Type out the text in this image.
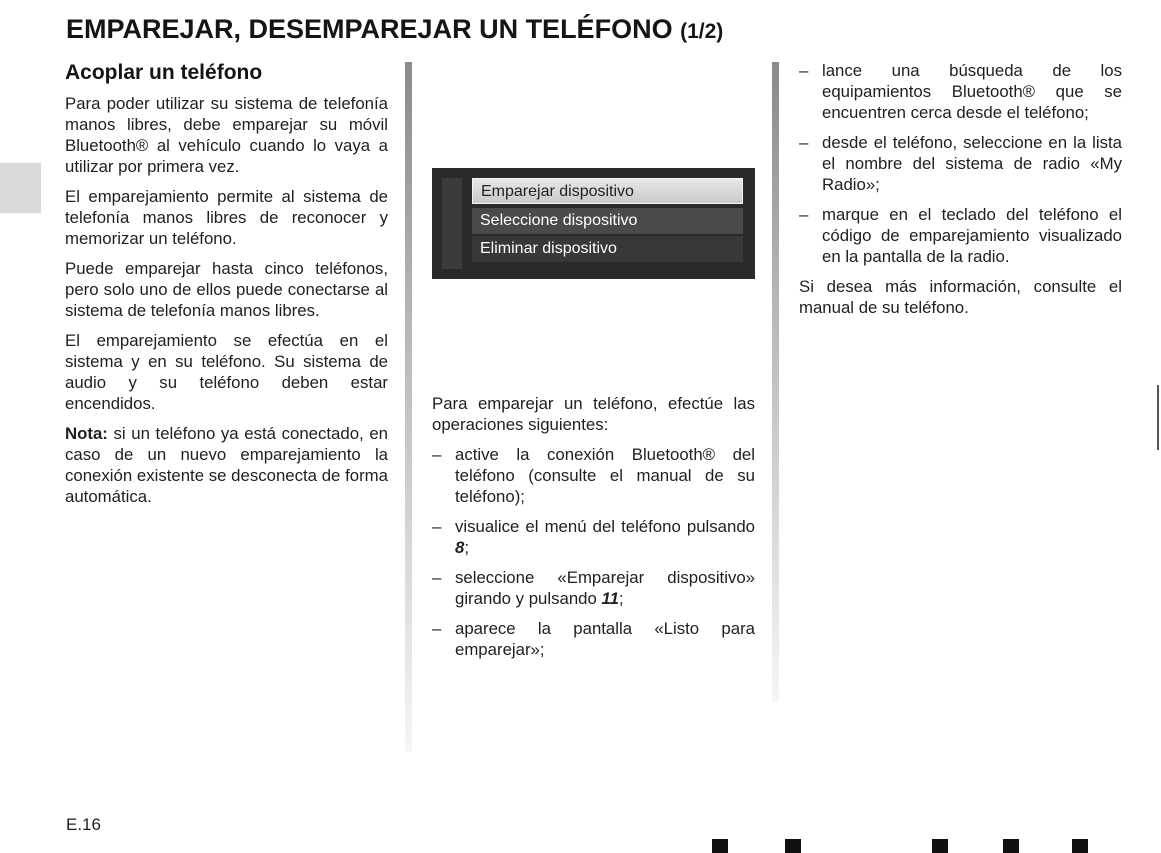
EMPAREJAR, DESEMPAREJAR UN TELÉFONO (1/2)
Acoplar un teléfono

Para poder utilizar su sistema de telefonía manos libres, debe emparejar su móvil Bluetooth® al vehículo cuando lo vaya a utilizar por primera vez.

El emparejamiento permite al sistema de telefonía manos libres de reconocer y memorizar un teléfono.

Puede emparejar hasta cinco teléfonos, pero solo uno de ellos puede conectarse al sistema de telefonía manos libres.

El emparejamiento se efectúa en el sistema y en su teléfono. Su sistema de audio y su teléfono deben estar encendidos.

Nota: si un teléfono ya está conectado, en caso de un nuevo emparejamiento la conexión existente se desconecta de forma automática.

Emparejar dispositivo
Seleccione dispositivo
Eliminar dispositivo

Para emparejar un teléfono, efectúe las operaciones siguientes:

– active la conexión Bluetooth® del teléfono (consulte el manual de su teléfono);
– visualice el menú del teléfono pulsando 8;
– seleccione «Emparejar dispositivo» girando y pulsando 11;
– aparece la pantalla «Listo para emparejar»;
– lance una búsqueda de los equipamientos Bluetooth® que se encuentren cerca desde el teléfono;
– desde el teléfono, seleccione en la lista el nombre del sistema de radio «My Radio»;
– marque en el teclado del teléfono el código de emparejamiento visualizado en la pantalla de la radio.

Si desea más información, consulte el manual de su teléfono.

E.16
